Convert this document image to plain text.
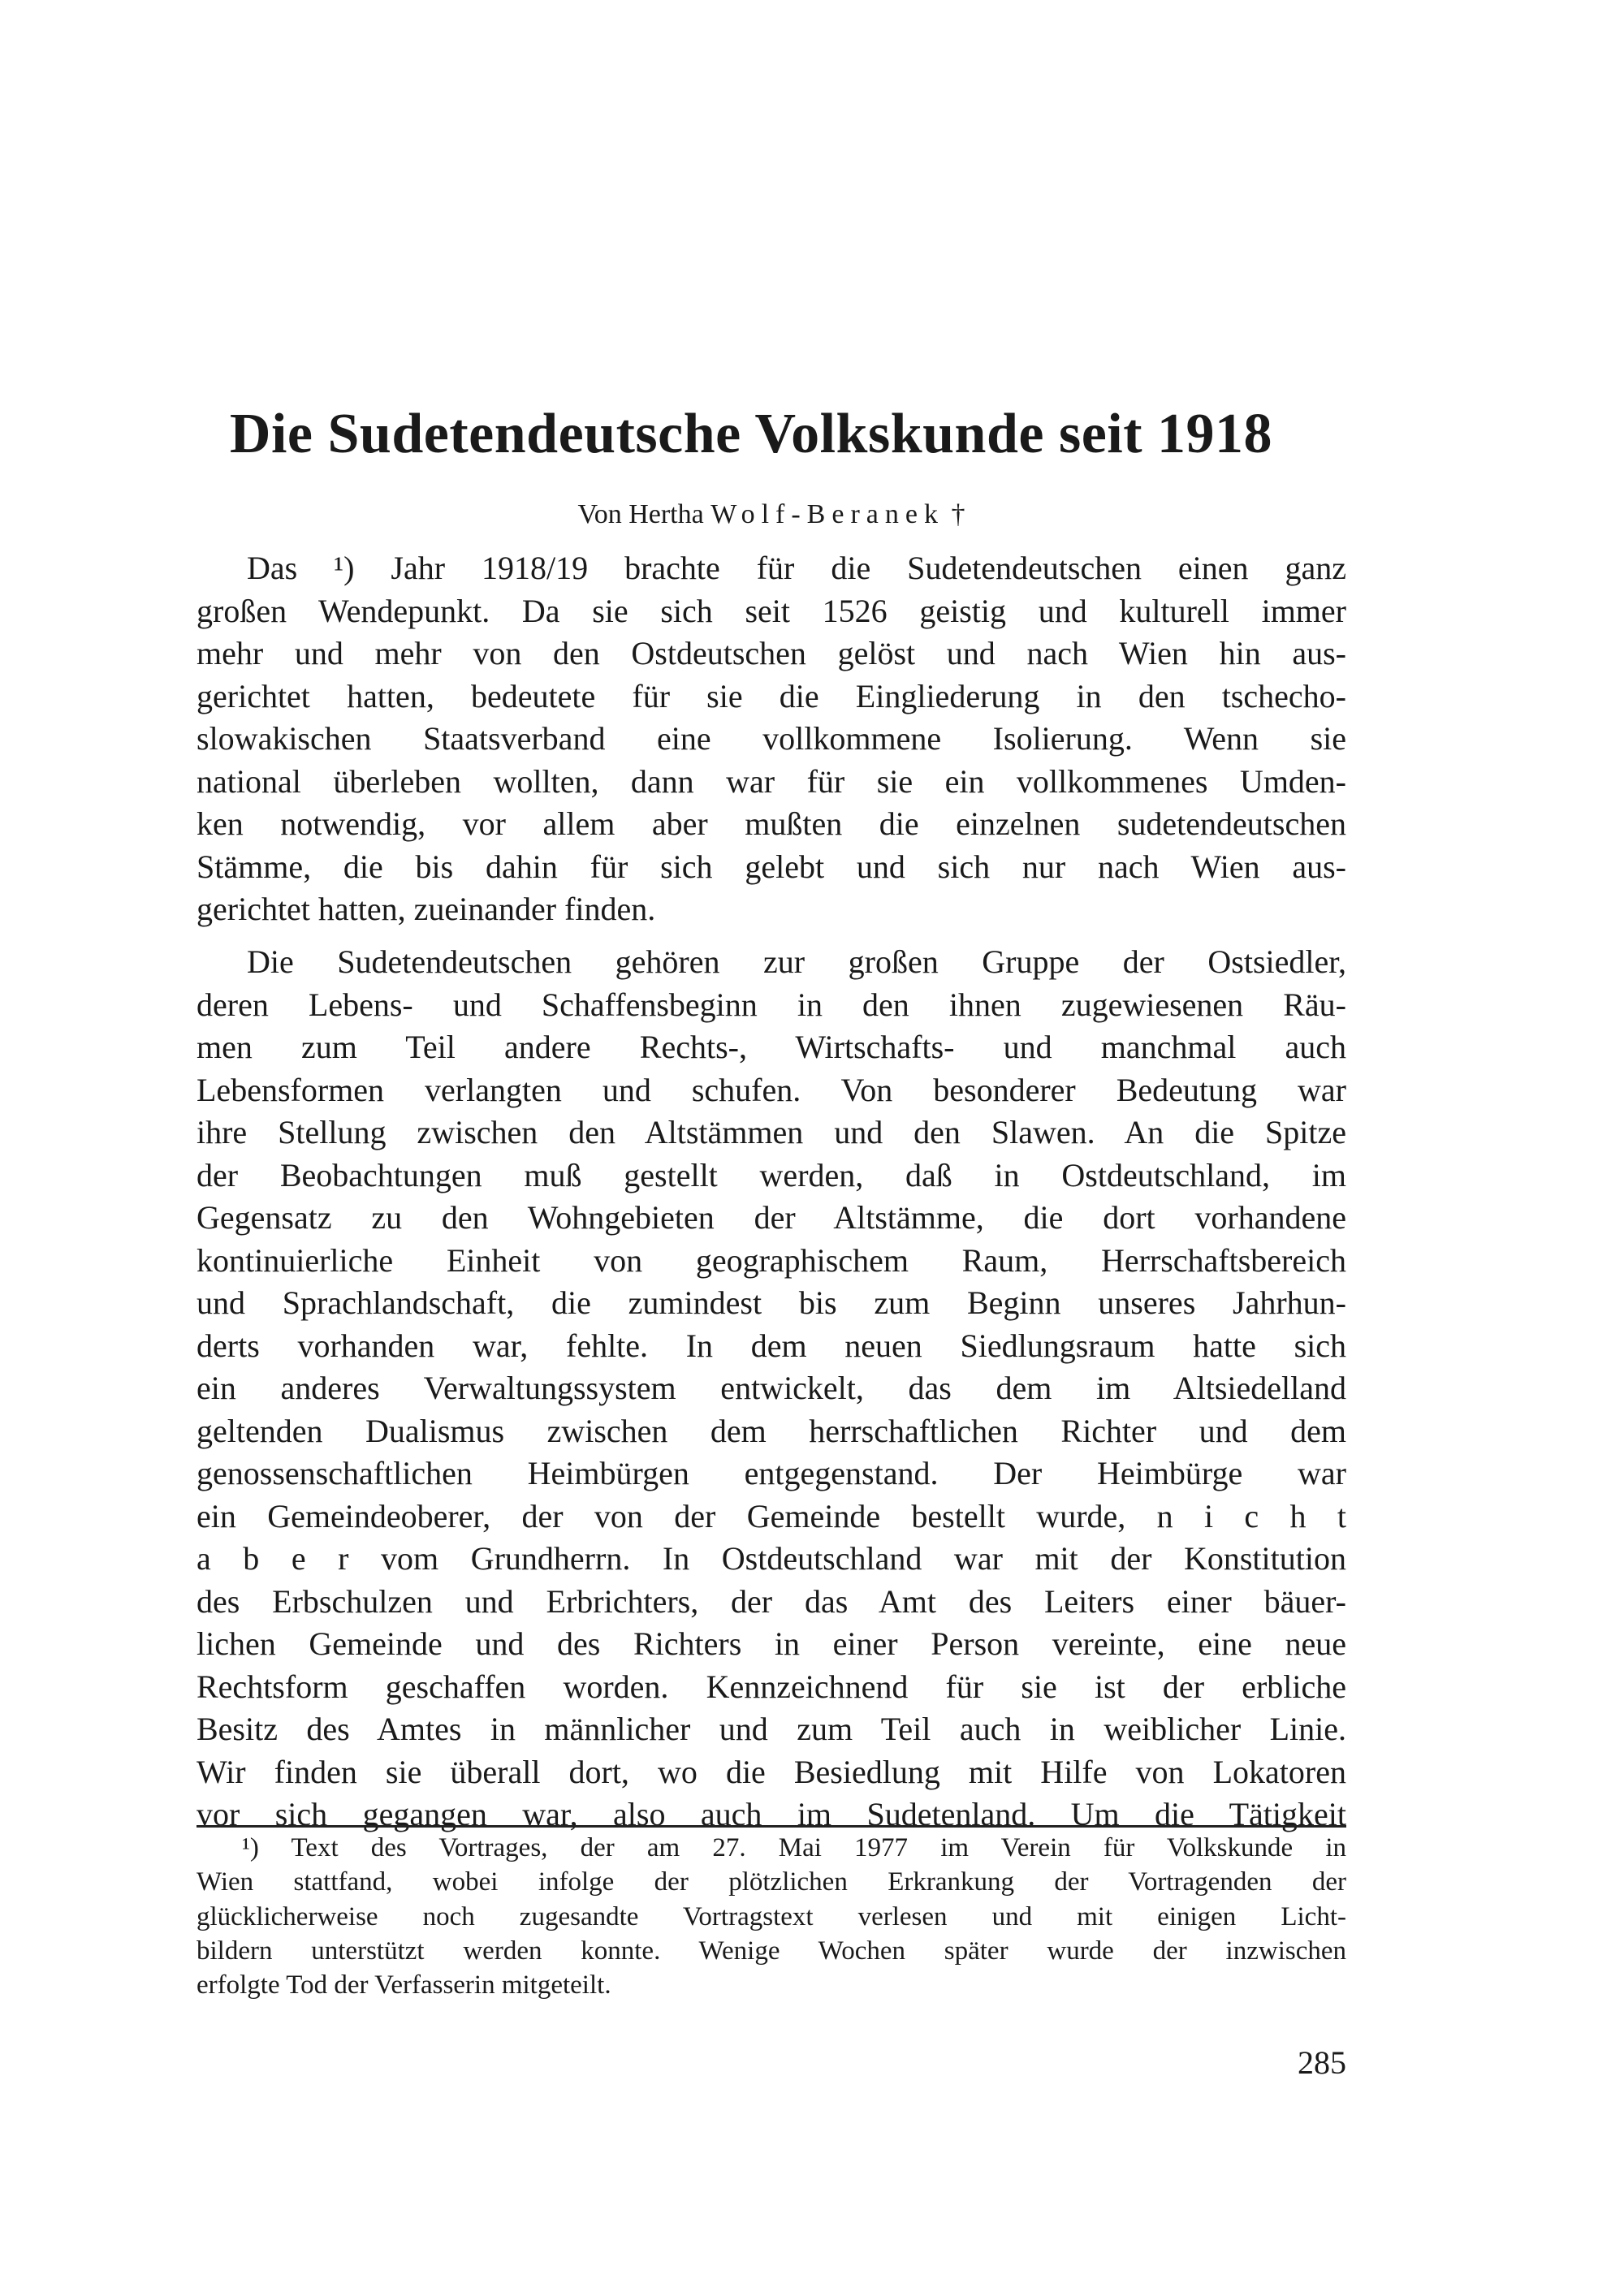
Die Sudetendeutsche Volkskunde seit 1918
Von Hertha Wolf-Beranek †
Das ¹) Jahr 1918/19 brachte für die Sudetendeutschen einen ganz
großen Wendepunkt. Da sie sich seit 1526 geistig und kulturell immer
mehr und mehr von den Ostdeutschen gelöst und nach Wien hin aus-
gerichtet hatten, bedeutete für sie die Eingliederung in den tschecho-
slowakischen Staatsverband eine vollkommene Isolierung. Wenn sie
national überleben wollten, dann war für sie ein vollkommenes Umden-
ken notwendig, vor allem aber mußten die einzelnen sudetendeutschen
Stämme, die bis dahin für sich gelebt und sich nur nach Wien aus-
gerichtet hatten, zueinander finden.
Die Sudetendeutschen gehören zur großen Gruppe der Ostsiedler,
deren Lebens- und Schaffensbeginn in den ihnen zugewiesenen Räu-
men zum Teil andere Rechts-, Wirtschafts- und manchmal auch
Lebensformen verlangten und schufen. Von besonderer Bedeutung war
ihre Stellung zwischen den Altstämmen und den Slawen. An die Spitze
der Beobachtungen muß gestellt werden, daß in Ostdeutschland, im
Gegensatz zu den Wohngebieten der Altstämme, die dort vorhandene
kontinuierliche Einheit von geographischem Raum, Herrschaftsbereich
und Sprachlandschaft, die zumindest bis zum Beginn unseres Jahrhun-
derts vorhanden war, fehlte. In dem neuen Siedlungsraum hatte sich
ein anderes Verwaltungssystem entwickelt, das dem im Altsiedelland
geltenden Dualismus zwischen dem herrschaftlichen Richter und dem
genossenschaftlichen Heimbürgen entgegenstand. Der Heimbürge war
ein Gemeindeoberer, der von der Gemeinde bestellt wurde, n i c h t
a b e r vom Grundherrn. In Ostdeutschland war mit der Konstitution
des Erbschulzen und Erbrichters, der das Amt des Leiters einer bäuer-
lichen Gemeinde und des Richters in einer Person vereinte, eine neue
Rechtsform geschaffen worden. Kennzeichnend für sie ist der erbliche
Besitz des Amtes in männlicher und zum Teil auch in weiblicher Linie.
Wir finden sie überall dort, wo die Besiedlung mit Hilfe von Lokatoren
vor sich gegangen war, also auch im Sudetenland. Um die Tätigkeit
¹) Text des Vortrages, der am 27. Mai 1977 im Verein für Volkskunde in
Wien stattfand, wobei infolge der plötzlichen Erkrankung der Vortragenden der
glücklicherweise noch zugesandte Vortragstext verlesen und mit einigen Licht-
bildern unterstützt werden konnte. Wenige Wochen später wurde der inzwischen
erfolgte Tod der Verfasserin mitgeteilt.
285
